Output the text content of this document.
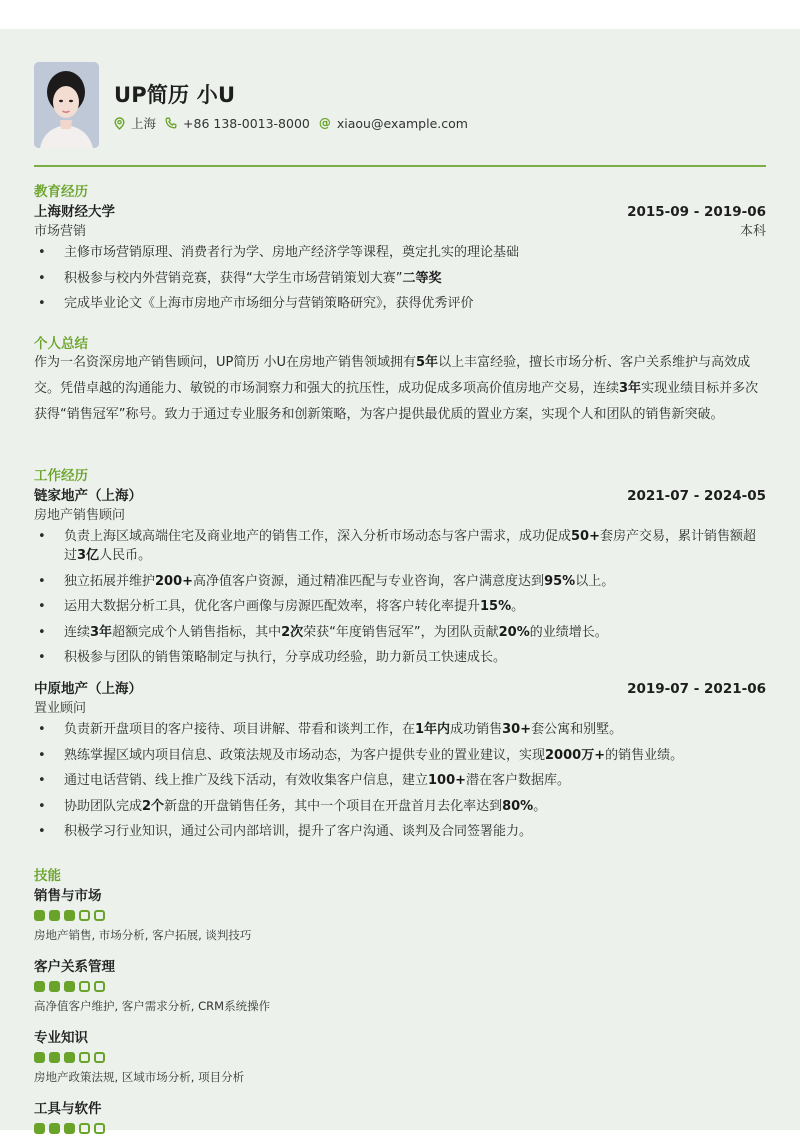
UP简历 小U
上海 +86 138-0013-8000 @ xiaou@example.com
教育经历
上海财经大学	2015-09 - 2019-06
市场营销	本科
• 主修市场营销原理、消费者行为学、房地产经济学等课程，奠定扎实的理论基础
• 积极参与校内外营销竞赛，获得“大学生市场营销策划大赛”二等奖
• 完成毕业论文《上海市房地产市场细分与营销策略研究》，获得优秀评价
个人总结
作为一名资深房地产销售顾问，UP简历 小U在房地产销售领域拥有5年以上丰富经验，擅长市场分析、客户关系维护与高效成交。凭借卓越的沟通能力、敏锐的市场洞察力和强大的抗压性，成功促成多项高价值房地产交易，连续3年实现业绩目标并多次获得“销售冠军”称号。致力于通过专业服务和创新策略，为客户提供最优质的置业方案，实现个人和团队的销售新突破。
工作经历
链家地产（上海）	2021-07 - 2024-05
房地产销售顾问
• 负责上海区域高端住宅及商业地产的销售工作，深入分析市场动态与客户需求，成功促成50+套房产交易，累计销售额超过3亿人民币。
• 独立拓展并维护200+高净值客户资源，通过精准匹配与专业咨询，客户满意度达到95%以上。
• 运用大数据分析工具，优化客户画像与房源匹配效率，将客户转化率提升15%。
• 连续3年超额完成个人销售指标，其中2次荣获“年度销售冠军”，为团队贡献20%的业绩增长。
• 积极参与团队的销售策略制定与执行，分享成功经验，助力新员工快速成长。
中原地产（上海）	2019-07 - 2021-06
置业顾问
• 负责新开盘项目的客户接待、项目讲解、带看和谈判工作，在1年内成功销售30+套公寓和别墅。
• 熟练掌握区域内项目信息、政策法规及市场动态，为客户提供专业的置业建议，实现2000万+的销售业绩。
• 通过电话营销、线上推广及线下活动，有效收集客户信息，建立100+潜在客户数据库。
• 协助团队完成2个新盘的开盘销售任务，其中一个项目在开盘首月去化率达到80%。
• 积极学习行业知识，通过公司内部培训，提升了客户沟通、谈判及合同签署能力。
技能
销售与市场
房地产销售, 市场分析, 客户拓展, 谈判技巧
客户关系管理
高净值客户维护, 客户需求分析, CRM系统操作
专业知识
房地产政策法规, 区域市场分析, 项目分析
工具与软件
